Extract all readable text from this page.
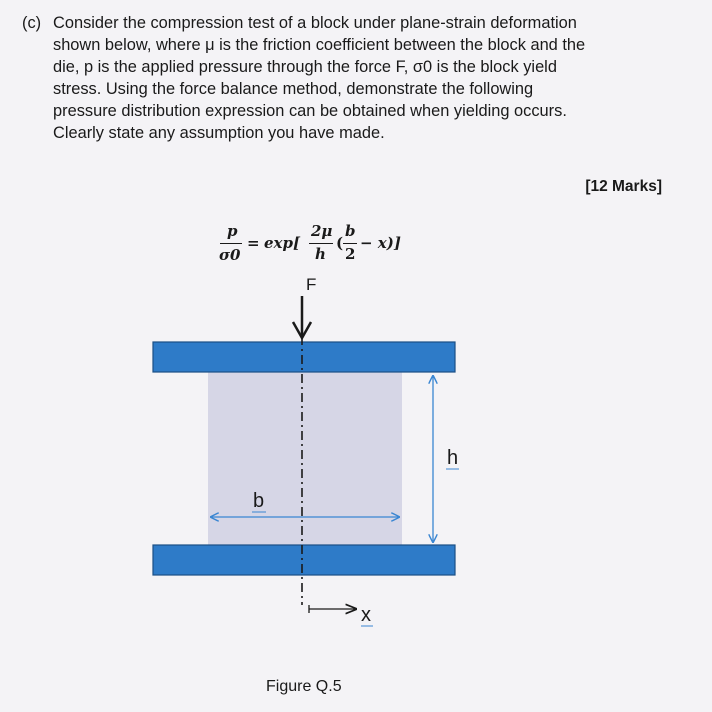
(c) Consider the compression test of a block under plane-strain deformation
shown below, where μ is the friction coefficient between the block and the
die, p is the applied pressure through the force F, σ0 is the block yield
stress. Using the force balance method, demonstrate the following
pressure distribution expression can be obtained when yielding occurs.
Clearly state any assumption you have made.
[12 Marks]
p
σ0
= exp[
2μ
h
(
b
2
− x)]
F
b
h
x
Figure Q.5
